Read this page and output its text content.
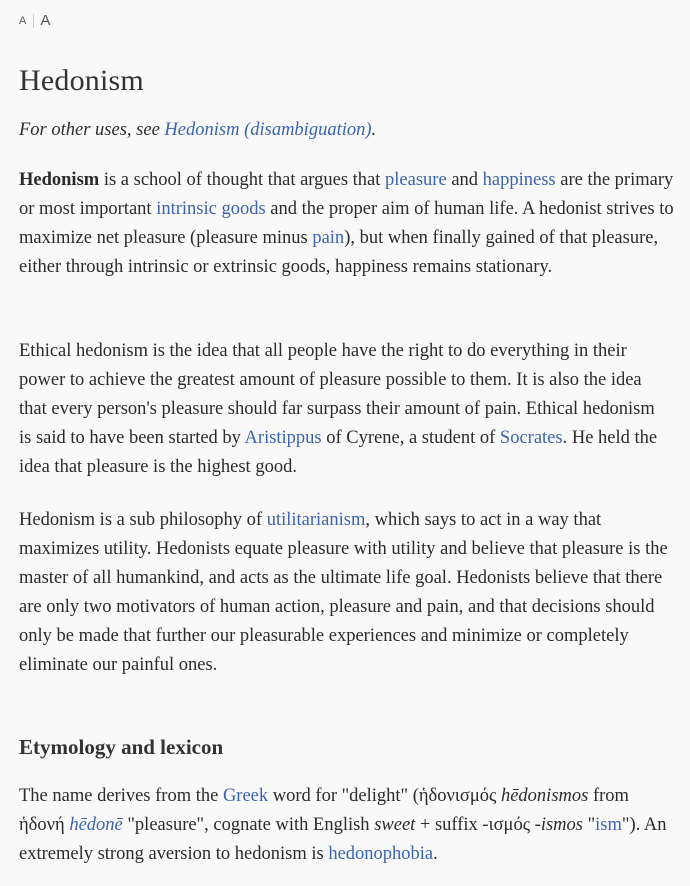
A A
Hedonism

For other uses, see Hedonism (disambiguation).

Hedonism is a school of thought that argues that pleasure and happiness are the primary or most important intrinsic goods and the proper aim of human life. A hedonist strives to maximize net pleasure (pleasure minus pain), but when finally gained of that pleasure, either through intrinsic or extrinsic goods, happiness remains stationary.

Ethical hedonism is the idea that all people have the right to do everything in their power to achieve the greatest amount of pleasure possible to them. It is also the idea that every person's pleasure should far surpass their amount of pain. Ethical hedonism is said to have been started by Aristippus of Cyrene, a student of Socrates. He held the idea that pleasure is the highest good.

Hedonism is a sub philosophy of utilitarianism, which says to act in a way that maximizes utility. Hedonists equate pleasure with utility and believe that pleasure is the master of all humankind, and acts as the ultimate life goal. Hedonists believe that there are only two motivators of human action, pleasure and pain, and that decisions should only be made that further our pleasurable experiences and minimize or completely eliminate our painful ones.

Etymology and lexicon

The name derives from the Greek word for "delight" (ἡδονισμός hēdonismos from ἡδονή hēdonē "pleasure", cognate with English sweet + suffix -ισμός -ismos "ism"). An extremely strong aversion to hedonism is hedonophobia.
